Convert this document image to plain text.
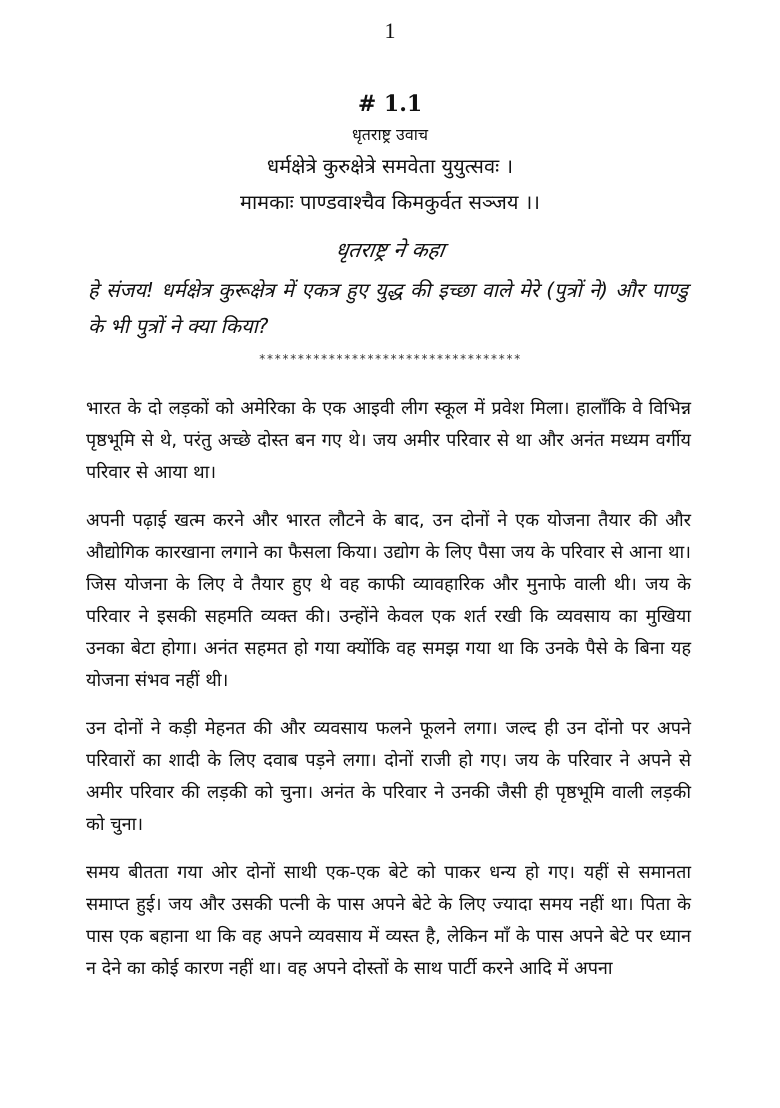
1
# 1.1
धृतराष्ट्र उवाच
धर्मक्षेत्रे कुरुक्षेत्रे समवेता युयुत्सवः ।
मामकाः पाण्डवाश्चैव किमकुर्वत सञ्जय ।।
धृतराष्ट्र ने कहा
हे संजय! धर्मक्षेत्र कुरूक्षेत्र में एकत्र हुए युद्ध की इच्छा वाले मेरे (पुत्रों ने) और पाण्डु के भी पुत्रों ने क्या किया?
**********************************

भारत के दो लड़कों को अमेरिका के एक आइवी लीग स्कूल में प्रवेश मिला। हालाँकि वे विभिन्न पृष्ठभूमि से थे, परंतु अच्छे दोस्त बन गए थे। जय अमीर परिवार से था और अनंत मध्यम वर्गीय परिवार से आया था।

अपनी पढ़ाई खत्म करने और भारत लौटने के बाद, उन दोनों ने एक योजना तैयार की और औद्योगिक कारखाना लगाने का फैसला किया। उद्योग के लिए पैसा जय के परिवार से आना था। जिस योजना के लिए वे तैयार हुए थे वह काफी व्यावहारिक और मुनाफे वाली थी। जय के परिवार ने इसकी सहमति व्यक्त की। उन्होंने केवल एक शर्त रखी कि व्यवसाय का मुखिया उनका बेटा होगा। अनंत सहमत हो गया क्योंकि वह समझ गया था कि उनके पैसे के बिना यह योजना संभव नहीं थी।

उन दोनों ने कड़ी मेहनत की और व्यवसाय फलने फूलने लगा। जल्द ही उन दोंनो पर अपने परिवारों का शादी के लिए दवाब पड़ने लगा। दोनों राजी हो गए। जय के परिवार ने अपने से अमीर परिवार की लड़की को चुना। अनंत के परिवार ने उनकी जैसी ही पृष्ठभूमि वाली लड़की को चुना।

समय बीतता गया ओर दोनों साथी एक-एक बेटे को पाकर धन्य हो गए। यहीं से समानता समाप्त हुई। जय और उसकी पत्नी के पास अपने बेटे के लिए ज्यादा समय नहीं था। पिता के पास एक बहाना था कि वह अपने व्यवसाय में व्यस्त है, लेकिन माँ के पास अपने बेटे पर ध्यान न देने का कोई कारण नहीं था। वह अपने दोस्तों के साथ पार्टी करने आदि में अपना
